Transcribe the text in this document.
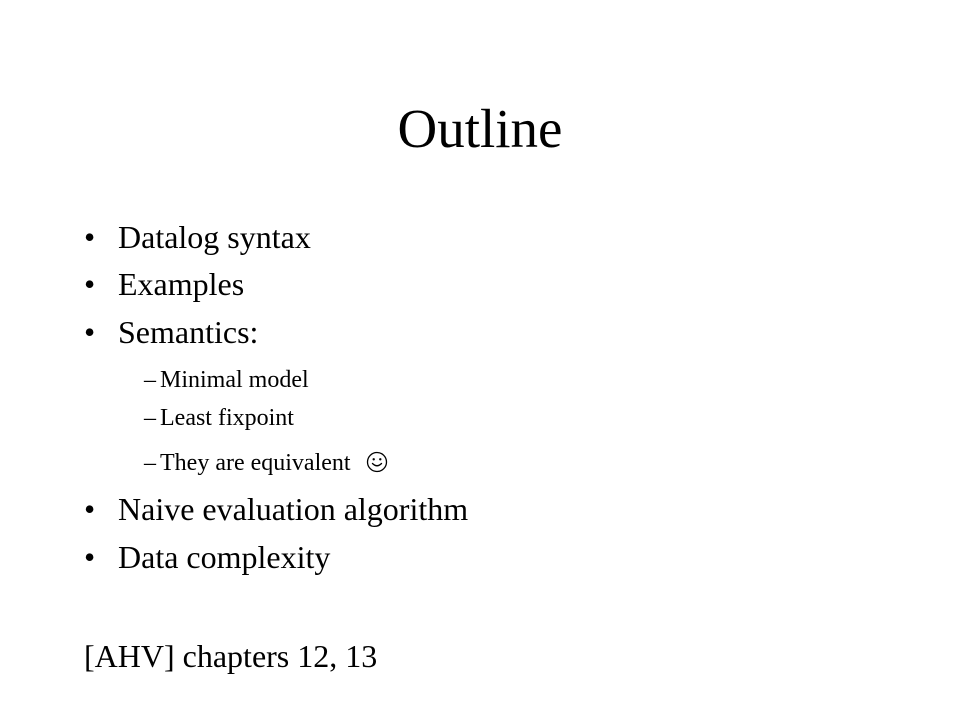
Outline
• Datalog syntax
• Examples
• Semantics:
– Minimal model
– Least fixpoint
– They are equivalent
• Naive evaluation algorithm
• Data complexity
[AHV] chapters 12, 13
